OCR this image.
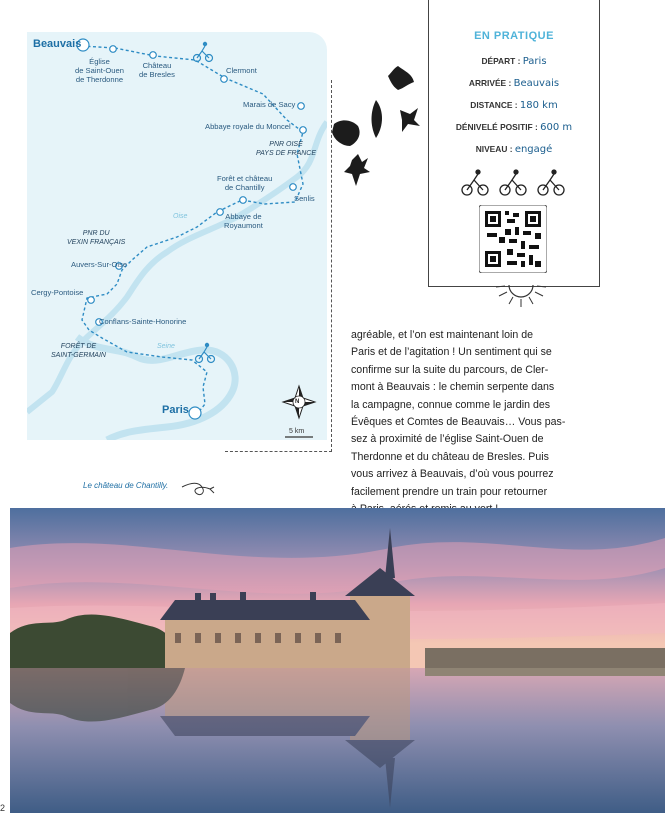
Beauvais
Église
de Saint-Ouen
de Therdonne
Château
de Bresles	Clermont
Marais de Sacy
Abbaye royale du Moncel
PNR OISE
PAYS DE FRANCE
Forêt et château
de Chantilly
Senlis
Abbaye de
Royaumont
Oise
PNR DU
VEXIN FRANÇAIS
Auvers-Sur-Oise
Cergy-Pontoise
Conflans-Sainte-Honorine
FORÊT DE
SAINT-GERMAIN
Seine
Paris
N
5 km
EN PRATIQUE
DÉPART : Paris
ARRIVÉE : Beauvais
DISTANCE : 180 km
DÉNIVELÉ POSITIF : 600 m
NIVEAU : engagé
agréable, et l’on est maintenant loin de
Paris et de l’agitation ! Un sentiment qui se
confirme sur la suite du parcours, de Cler-
mont à Beauvais : le chemin serpente dans
la campagne, connue comme le jardin des
Évêques et Comtes de Beauvais… Vous pas-
sez à proximité de l’église Saint-Ouen de
Therdonne et du château de Bresles. Puis
vous arrivez à Beauvais, d’où vous pourrez
facilement prendre un train pour retourner
Le château de Chantilly.
2
